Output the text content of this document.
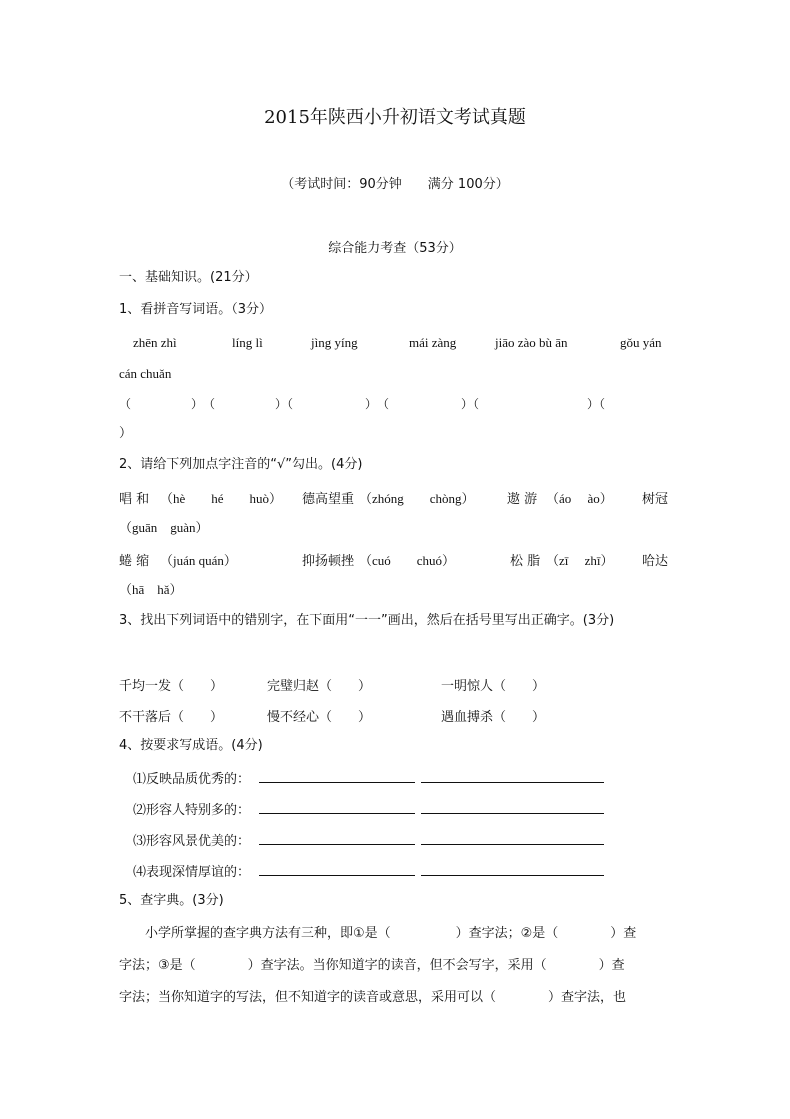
2015年陕西小升初语文考试真题
（考试时间：90分钟　　满分 100分）
综合能力考查（53分）
一、基础知识。(21分）
1、看拼音写词语。（3分）
zhēn zhì	líng lì	jìng yíng	mái zàng	jiāo zào bù ān	gǒu yán
cán chuǎn
（　　　　　）　（　　　　　）（　　　　　　）　（　　　　　　）（　　　　　　　　　）（
）
2、请给下列加点字注音的“√”勾出。(4分)
唱 和 （hè　　hé　　huò） 德高望重 （zhóng　　chòng） 遨 游 （áo　 ào） 树冠
（guān　guàn）
蜷 缩 （juán quán）	抑扬顿挫 （cuó　　chuó）	松 脂 （zī　 zhī） 哈达
（hā　hǎ）
3、找出下列词语中的错别字，在下面用“一一”画出，然后在括号里写出正确字。(3分)
千均一发（　　）	完璧归赵（　　）	一明惊人（　　）
不干落后（　　）	慢不经心（　　）	遇血搏杀（　　）
4、按要求写成语。(4分)
⑴反映品质优秀的：
⑵形容人特别多的：
⑶形容风景优美的：
⑷表现深情厚谊的：
5、查字典。(3分)
　　小学所掌握的查字典方法有三种，即①是（　　　　　）查字法；②是（　　　　）查
字法；③是（　　　　）查字法。当你知道字的读音，但不会写字，采用（　　　　）查
字法；当你知道字的写法，但不知道字的读音或意思，采用可以（　　　　）查字法，也
